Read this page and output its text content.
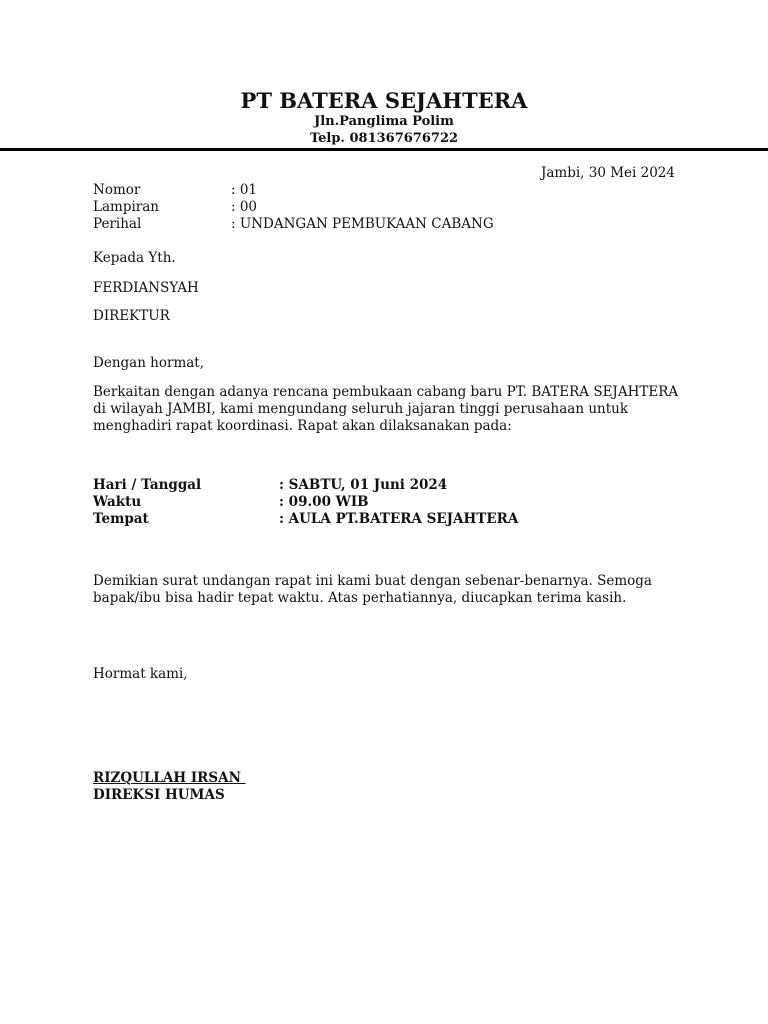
PT BATERA SEJAHTERA
Jln.Panglima Polim
Telp. 081367676722
Jambi, 30 Mei 2024
Nomor	: 01
Lampiran	: 00
Perihal	: UNDANGAN PEMBUKAAN CABANG
Kepada Yth.
FERDIANSYAH
DIREKTUR
Dengan hormat,
Berkaitan dengan adanya rencana pembukaan cabang baru PT. BATERA SEJAHTERA di wilayah JAMBI, kami mengundang seluruh jajaran tinggi perusahaan untuk menghadiri rapat koordinasi. Rapat akan dilaksanakan pada:
Hari / Tanggal	: SABTU, 01 Juni 2024
Waktu	: 09.00 WIB
Tempat	: AULA PT.BATERA SEJAHTERA
Demikian surat undangan rapat ini kami buat dengan sebenar-benarnya. Semoga bapak/ibu bisa hadir tepat waktu. Atas perhatiannya, diucapkan terima kasih.
Hormat kami,
RIZQULLAH IRSAN
DIREKSI HUMAS
